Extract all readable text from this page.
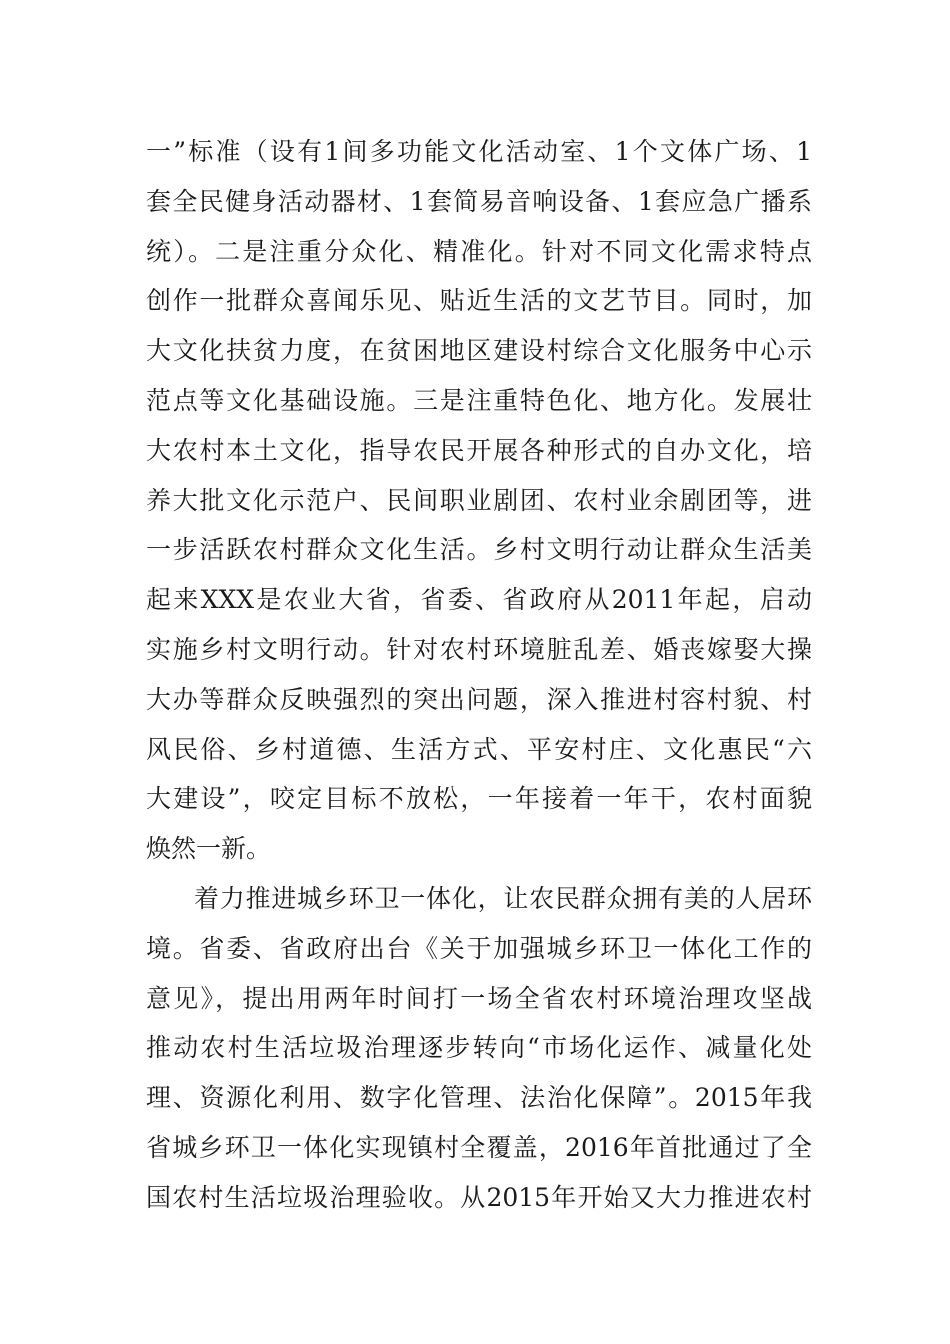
一”标准（设有1间多功能文化活动室、1个文体广场、1
套全民健身活动器材、1套简易音响设备、1套应急广播系
统）。二是注重分众化、精准化。针对不同文化需求特点
创作一批群众喜闻乐见、贴近生活的文艺节目。同时，加
大文化扶贫力度，在贫困地区建设村综合文化服务中心示
范点等文化基础设施。三是注重特色化、地方化。发展壮
大农村本土文化，指导农民开展各种形式的自办文化，培
养大批文化示范户、民间职业剧团、农村业余剧团等，进
一步活跃农村群众文化生活。乡村文明行动让群众生活美
起来XXX是农业大省，省委、省政府从2011年起，启动
实施乡村文明行动。针对农村环境脏乱差、婚丧嫁娶大操
大办等群众反映强烈的突出问题，深入推进村容村貌、村
风民俗、乡村道德、生活方式、平安村庄、文化惠民“六
大建设”，咬定目标不放松，一年接着一年干，农村面貌
焕然一新。
着力推进城乡环卫一体化，让农民群众拥有美的人居环
境。省委、省政府出台《关于加强城乡环卫一体化工作的
意见》，提出用两年时间打一场全省农村环境治理攻坚战
推动农村生活垃圾治理逐步转向“市场化运作、减量化处
理、资源化利用、数字化管理、法治化保障”。2015年我
省城乡环卫一体化实现镇村全覆盖，2016年首批通过了全
国农村生活垃圾治理验收。从2015年开始又大力推进农村
